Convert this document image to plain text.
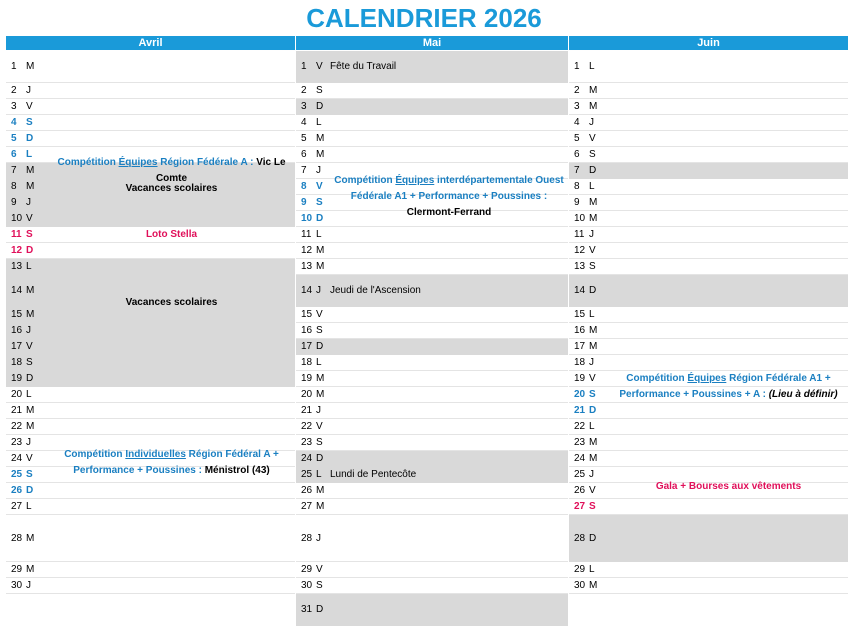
CALENDRIER 2026
Avril
1 M
2 J
3 V
4 S
5 D
6 L
7 M
8 M
9 J
10 V
11 S
12 D
13 L
14 M
15 M
16 J
17 V
18 S
19 D
20 L
21 M
22 M
23 J
24 V
25 S
26 D
27 L
28 M
29 M
30 J
Compétition Équipes Région Fédérale A : Vic Le Comte
Vacances scolaires
Loto Stella
Vacances scolaires
Compétition Individuelles Région Fédéral A + Performance + Poussines : Ménistrol (43)
Mai
1 V Fête du Travail
2 S
3 D
4 L
5 M
6 M
7 J
8 V
9 S
10 D
11 L
12 M
13 M
14 J Jeudi de l'Ascension
15 V
16 S
17 D
18 L
19 M
20 M
21 J
22 V
23 S
24 D
25 L Lundi de Pentecôte
26 M
27 M
28 J
29 V
30 S
31 D
Compétition Équipes interdépartementale Ouest Fédérale A1 + Performance + Poussines : Clermont-Ferrand
Juin
1 L
2 M
3 M
4 J
5 V
6 S
7 D
8 L
9 M
10 M
11 J
12 V
13 S
14 D
15 L
16 M
17 M
18 J
19 V
20 S
21 D
22 L
23 M
24 M
25 J
26 V
27 S
28 D
29 L
30 M
Compétition Équipes Région Fédérale A1 + Performance + Poussines + A : (Lieu à définir)
Gala + Bourses aux vêtements
